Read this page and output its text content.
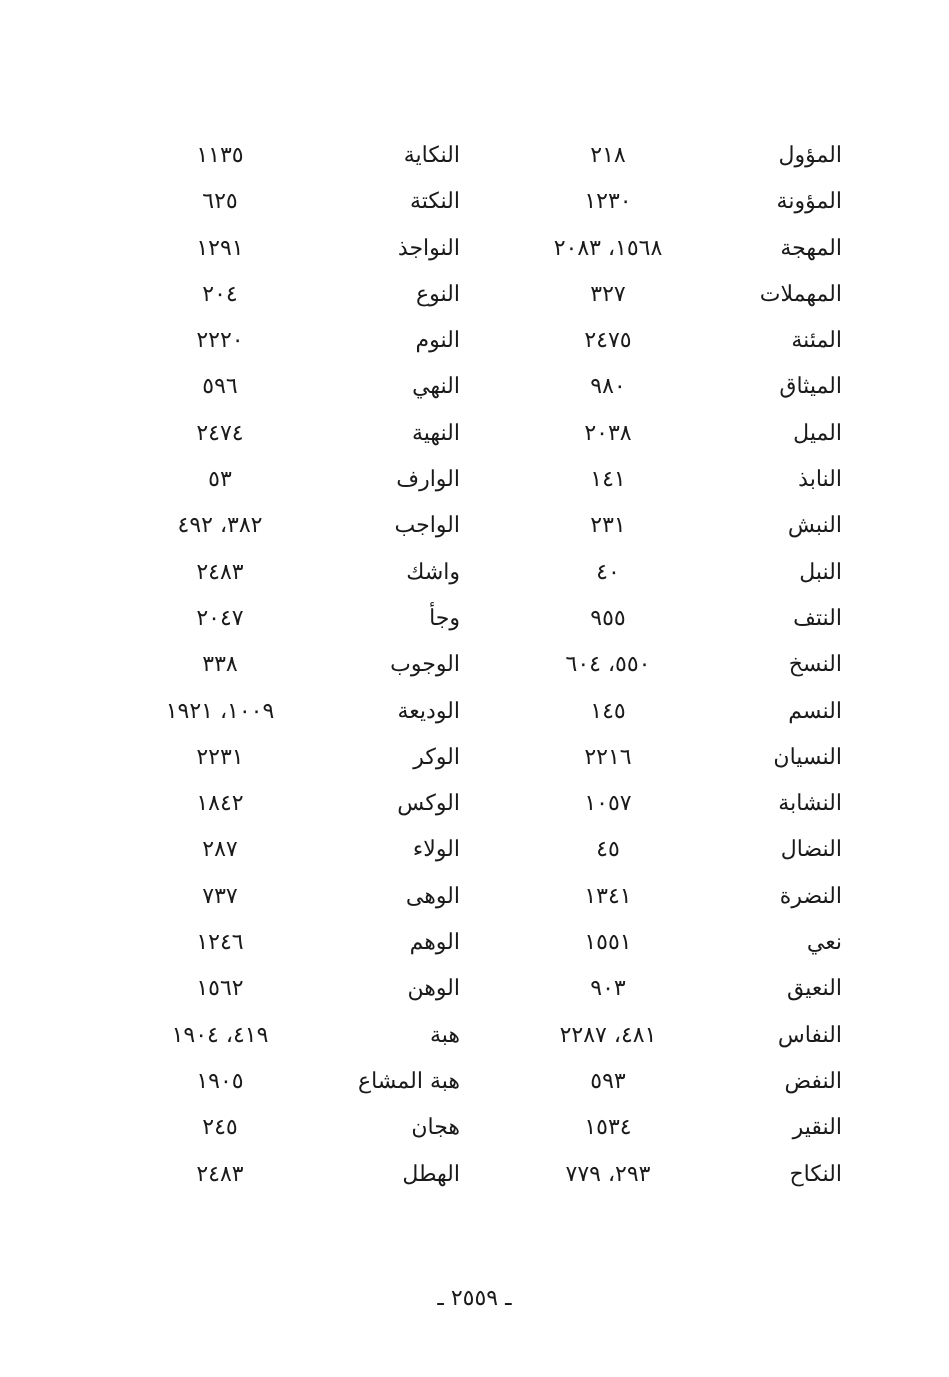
المؤول
٢١٨
النكاية
١١٣٥
المؤونة
١٢٣٠
النكتة
٦٢٥
المهجة
١٥٦٨، ٢٠٨٣
النواجذ
١٢٩١
المهملات
٣٢٧
النوع
٢٠٤
المئنة
٢٤٧٥
النوم
٢٢٢٠
الميثاق
٩٨٠
النهي
٥٩٦
الميل
٢٠٣٨
النهية
٢٤٧٤
النابذ
١٤١
الوارف
٥٣
النبش
٢٣١
الواجب
٣٨٢، ٤٩٢
النبل
٤٠
واشك
٢٤٨٣
النتف
٩٥٥
وجأ
٢٠٤٧
النسخ
٥٥٠، ٦٠٤
الوجوب
٣٣٨
النسم
١٤٥
الوديعة
١٠٠٩، ١٩٢١
النسيان
٢٢١٦
الوكر
٢٢٣١
النشابة
١٠٥٧
الوكس
١٨٤٢
النضال
٤٥
الولاء
٢٨٧
النضرة
١٣٤١
الوهى
٧٣٧
نعي
١٥٥١
الوهم
١٢٤٦
النعيق
٩٠٣
الوهن
١٥٦٢
النفاس
٤٨١، ٢٢٨٧
هبة
٤١٩، ١٩٠٤
النفض
٥٩٣
هبة المشاع
١٩٠٥
النقير
١٥٣٤
هجان
٢٤٥
النكاح
٢٩٣، ٧٧٩
الهطل
٢٤٨٣
ـ ٢٥٥٩ ـ
